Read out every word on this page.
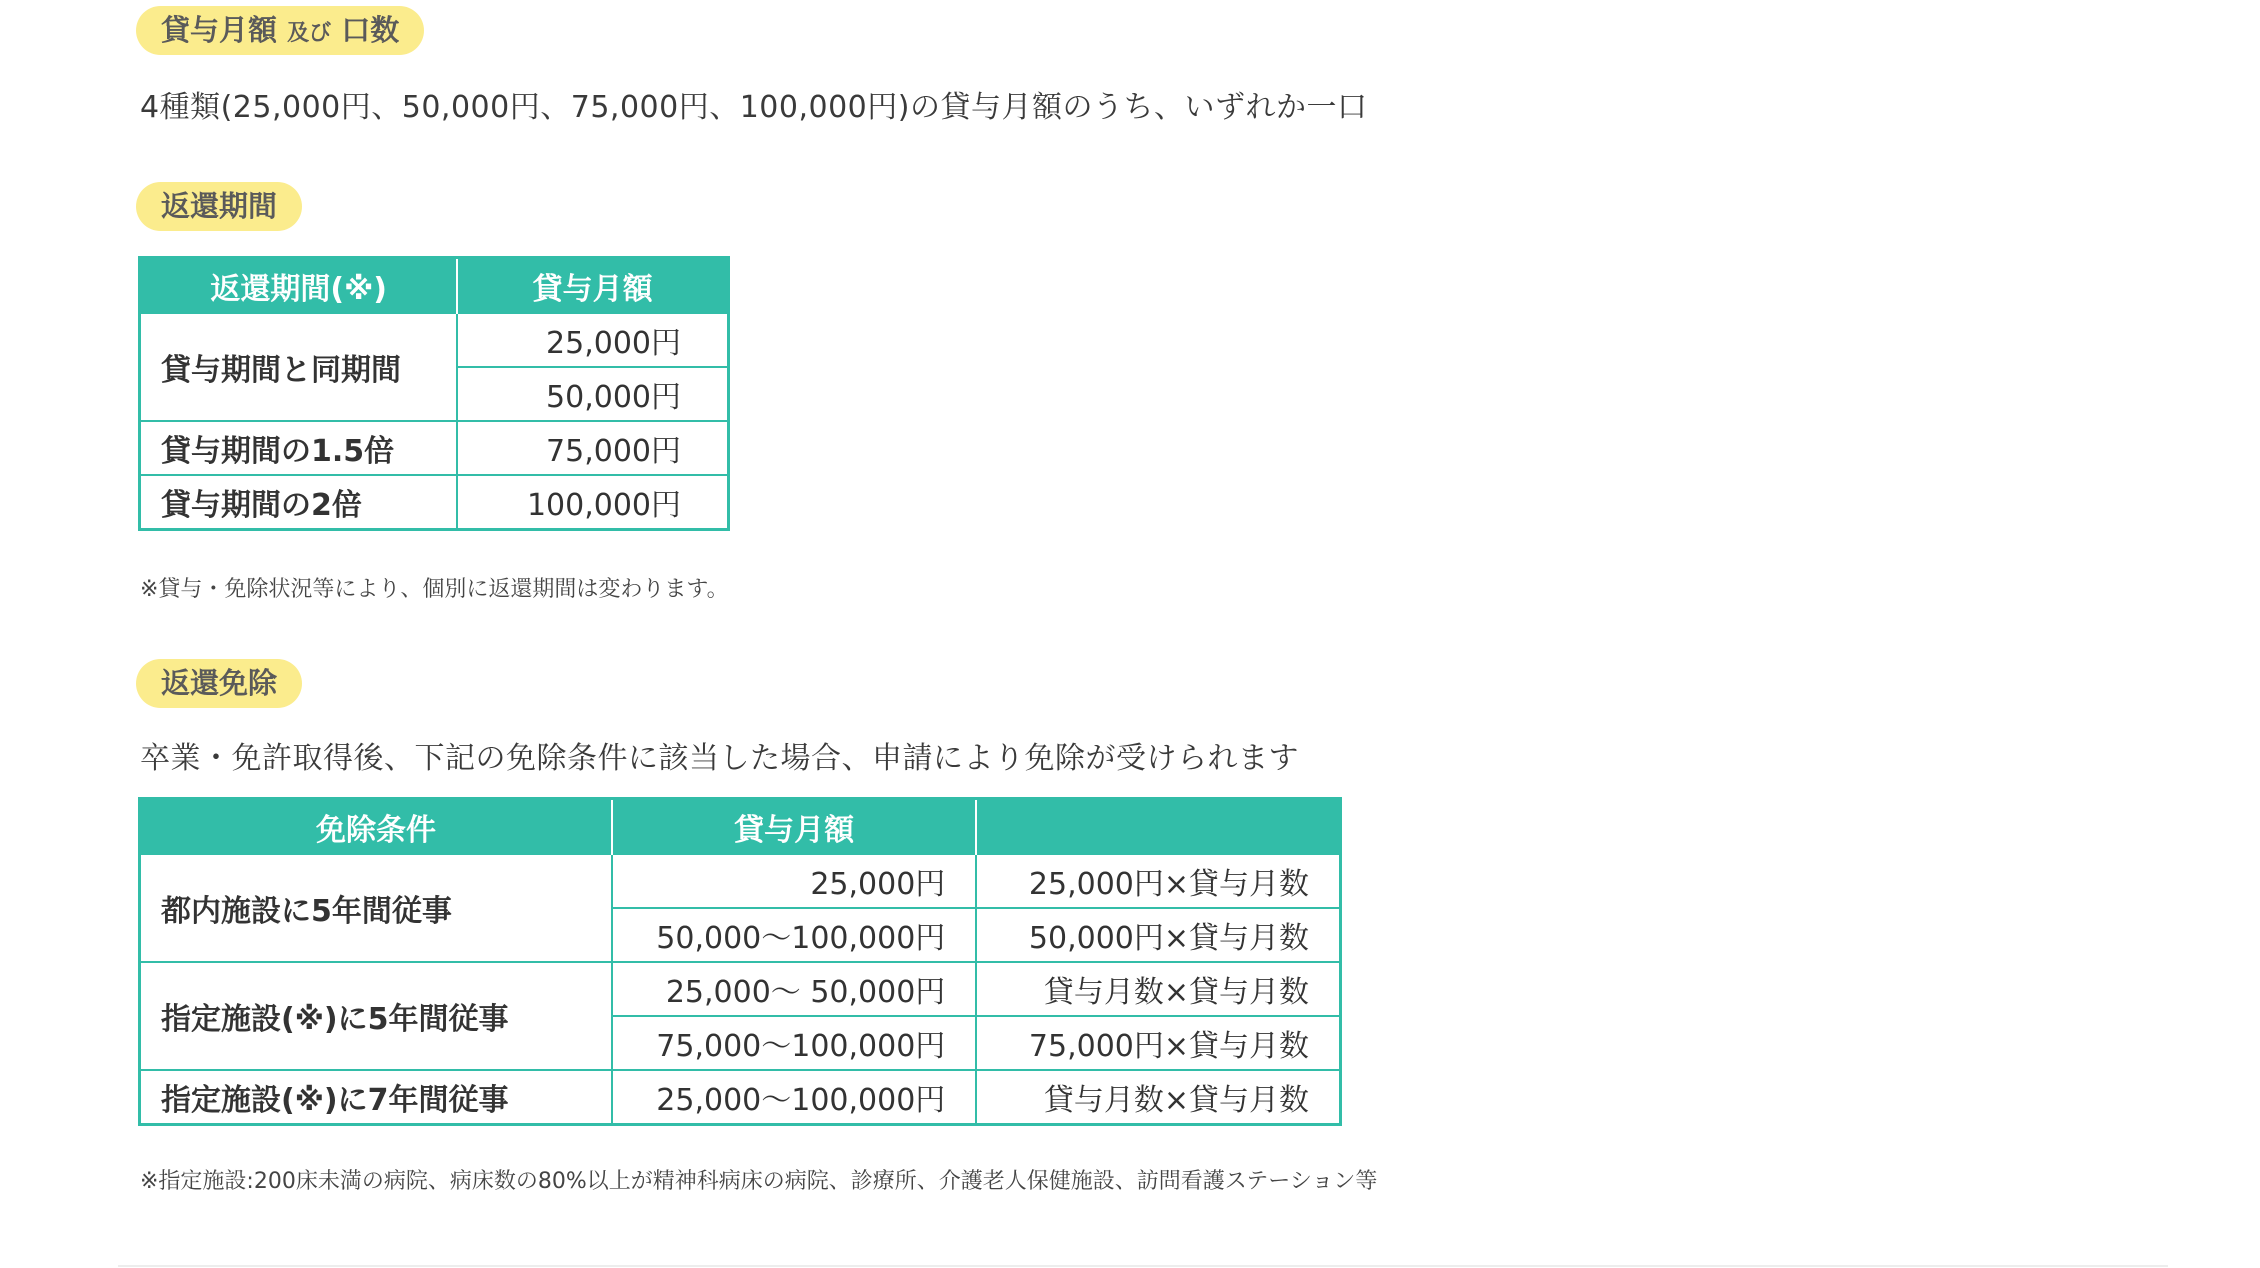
貸与月額 及び 口数
4種類(25,000円、50,000円、75,000円、100,000円)の貸与月額のうち、いずれか一口
返還期間
返還期間(※)	貸与月額
貸与期間と同期間	25,000円
	50,000円
貸与期間の1.5倍	75,000円
貸与期間の2倍	100,000円
※貸与・免除状況等により、個別に返還期間は変わります。
返還免除
卒業・免許取得後、下記の免除条件に該当した場合、申請により免除が受けられます
免除条件	貸与月額	
都内施設に5年間従事	25,000円	25,000円×貸与月数
	50,000〜100,000円	50,000円×貸与月数
指定施設(※)に5年間従事	25,000〜 50,000円	貸与月数×貸与月数
	75,000〜100,000円	75,000円×貸与月数
指定施設(※)に7年間従事	25,000〜100,000円	貸与月数×貸与月数
※指定施設:200床未満の病院、病床数の80%以上が精神科病床の病院、診療所、介護老人保健施設、訪問看護ステーション等
